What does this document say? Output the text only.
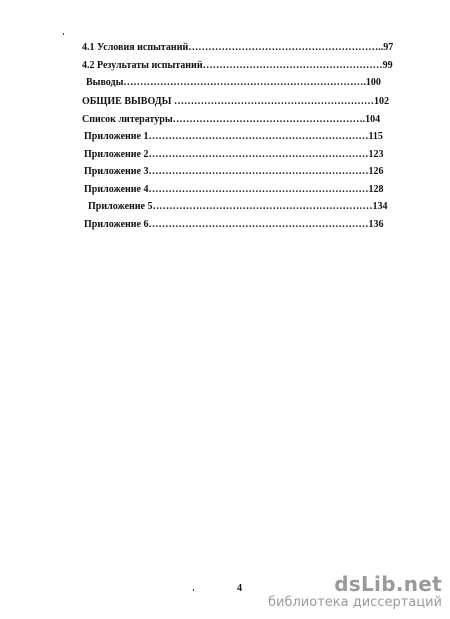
4.1 Условия испытаний…………………………………………………..97
4.2 Результаты испытаний………………………………………………99
Выводы……………………………………………………………….100
ОБЩИЕ ВЫВОДЫ ……………………………………………………102
Список литературы………………………………………………….104
Приложение 1…………………………………………………………115
Приложение 2…………………………………………………………123
Приложение 3…………………………………………………………126
Приложение 4…………………………………………………………128
Приложение 5…………………………………………………………134
Приложение 6…………………………………………………………136
4	dsLib.net
библиотека диссертаций
